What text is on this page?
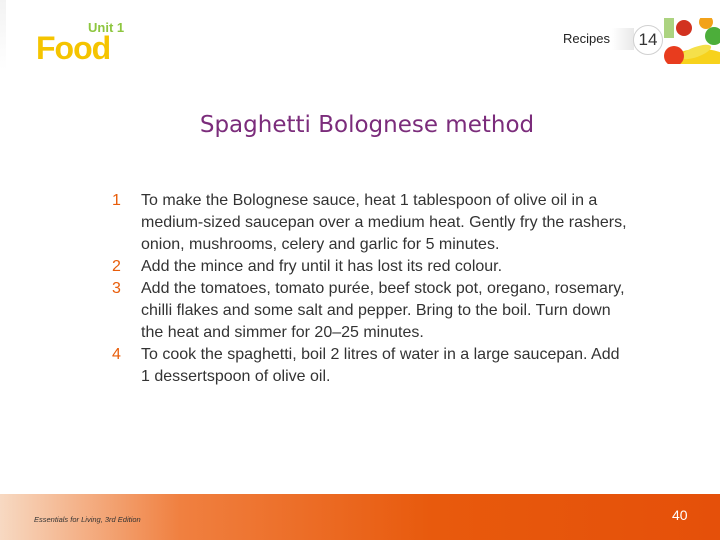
Unit 1
Food	Recipes	14
Spaghetti Bolognese method
1	To make the Bolognese sauce, heat 1 tablespoon of olive oil in a medium-sized saucepan over a medium heat. Gently fry the rashers, onion, mushrooms, celery and garlic for 5 minutes.
2	Add the mince and fry until it has lost its red colour.
3	Add the tomatoes, tomato purée, beef stock pot, oregano, rosemary, chilli flakes and some salt and pepper. Bring to the boil. Turn down the heat and simmer for 20–25 minutes.
4	To cook the spaghetti, boil 2 litres of water in a large saucepan. Add 1 dessertspoon of olive oil.
Essentials for Living, 3rd Edition	40
